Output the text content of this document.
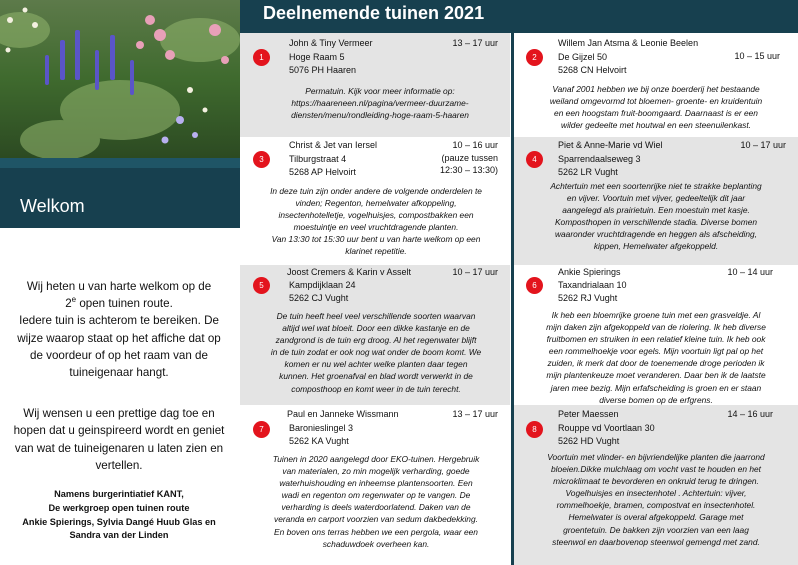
Welkom
Wij heten u van harte welkom op de
2e open tuinen route.
Iedere tuin is achterom te bereiken. De
wijze waarop staat op het affiche dat op
de voordeur of op het raam van de
tuineigenaar hangt.
Wij wensen u een prettige dag toe en
hopen dat u geinspireerd wordt en geniet
van wat de tuineigenaren u laten zien en
vertellen.
Namens burgerintiatief KANT,
De werkgroep open tuinen route
Ankie Spierings, Sylvia Dangé Huub Glas en
Sandra van der Linden
Deelnemende tuinen 2021
1
John & Tiny Vermeer	13 – 17 uur
Hoge Raam 5
5076 PH Haaren
Permatuin. Kijk voor meer informatie op:
https://haareneen.nl/pagina/vermeer-duurzame-
diensten/menu/rondleiding-hoge-raam-5-haaren
2
Willem Jan Atsma & Leonie Beelen
10 – 15 uur
De Gijzel 50
5268 CN Helvoirt
Vanaf 2001 hebben we bij onze boerderij het bestaande
weiland omgevormd tot bloemen- groente- en kruidentuin
en een hoogstam fruit-boomgaard. Daarnaast is er een
wilder gedeelte met houtwal en een steenuilenkast.
3
Christ & Jet van Iersel	10 – 16 uur
(pauze tussen
12:30 – 13:30)
Tilburgstraat 4
5268 AP Helvoirt
In deze tuin zijn onder andere de volgende onderdelen te
vinden; Regenton, hemelwater afkoppeling,
insectenhotelletje, vogelhuisjes, compostbakken een
moestuintje en veel vruchtdragende planten.
Van 13:30 tot 15:30 uur bent u van harte welkom op een
klarinet repetitie.
4
Piet & Anne-Marie vd Wiel	10 – 17 uur
Sparrendaalseweg 3
5262 LR Vught
Achtertuin met een soortenrijke niet te strakke beplanting
en vijver. Voortuin met vijver, gedeeltelijk dit jaar
aangelegd als prairietuin. Een moestuin met kasje.
Komposthopen in verschillende stadia. Diverse bomen
waaronder vruchtdragende en heggen als afscheiding,
kippen, Hemelwater afgekoppeld.
5
Joost Cremers & Karin v Asselt	10 – 17 uur
Kampdijklaan 24
5262 CJ Vught
De tuin heeft heel veel verschillende soorten waarvan
altijd wel wat bloeit. Door een dikke kastanje en de
zandgrond is de tuin erg droog. Al het regenwater blijft
in de tuin zodat er ook nog wat onder de boom komt. We
komen er nu wel achter welke planten daar tegen
kunnen. Het groenafval en blad wordt verwerkt in de
composthoop en komt weer in de tuin terecht.
6
Ankie Spierings	10 – 14 uur
Taxandrialaan 10
5262 RJ Vught
Ik heb een bloemrijke groene tuin met een grasveldje. Al
mijn daken zijn afgekoppeld van de riolering. Ik heb diverse
fruitbomen en struiken in een relatief kleine tuin. Ik heb ook
een rommelhoekje voor egels. Mijn voortuin ligt pal op het
zuiden, ik merk dat door de toenemende droge perioden ik
mijn plantenkeuze moet veranderen. Daar ben ik de laatste
jaren mee bezig. Mijn erfafscheiding is groen en er staan
diverse bomen op de erfgrens.
7
Paul en Janneke Wissmann	13 – 17 uur
Baronieslingel 3
5262 KA Vught
Tuinen in 2020 aangelegd door EKO-tuinen. Hergebruik
van materialen, zo min mogelijk verharding, goede
waterhuishouding en inheemse plantensoorten. Een
wadi en regenton om regenwater op te vangen. De
verharding is deels waterdoorlatend. Daken van de
veranda en carport voorzien van sedum dakbedekking.
En boven ons terras hebben we een pergola, waar een
schaduwdoek overheen kan.
8
Peter Maessen	14 – 16 uur
Rouppe vd Voortlaan 30
5262 HD Vught
Voortuin met vlinder- en bijvriendelijke planten die jaarrond
bloeien.Dikke mulchlaag om vocht vast te houden en het
microklimaat te bevorderen en onkruid terug te dringen.
Vogelhuisjes en insectenhotel . Achtertuin: vijver,
rommelhoekje, bramen, compostvat en insectenhotel.
Hemelwater is overal afgekoppeld. Garage met
groentetuin. De bakken zijn voorzien van een laag
steenwol en daarbovenop steenwol gemengd met zand.
